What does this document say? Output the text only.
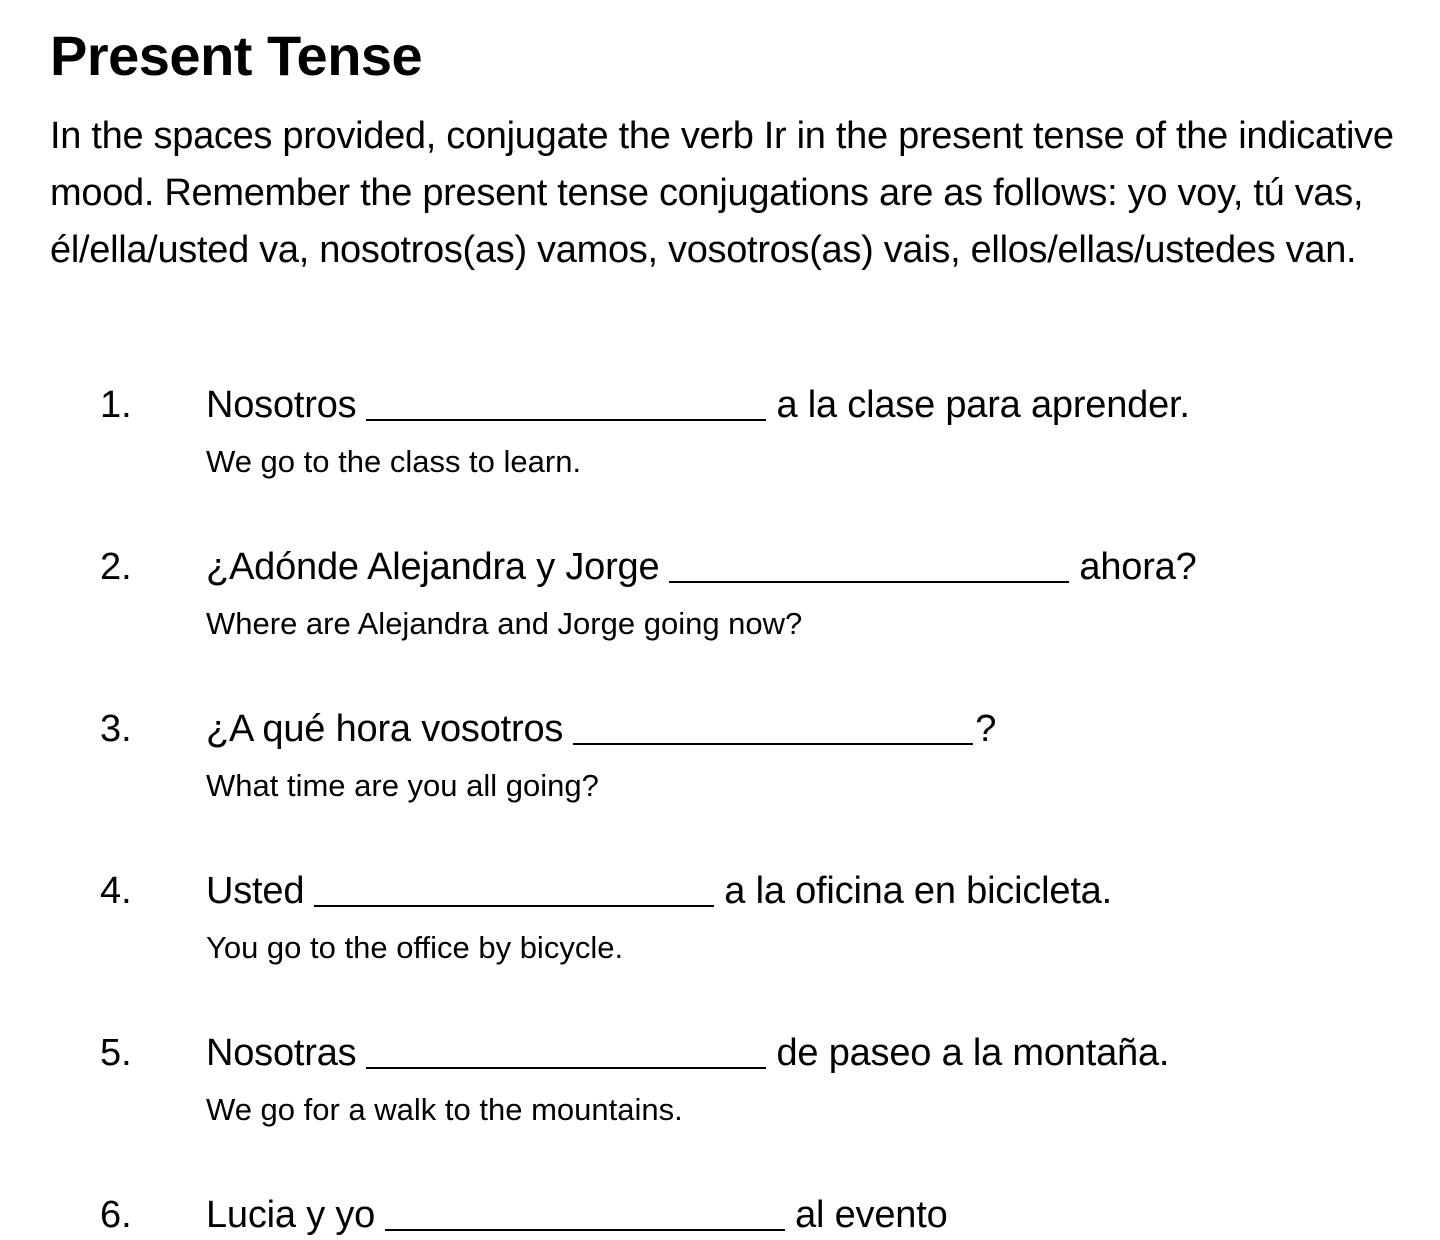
Present Tense

In the spaces provided, conjugate the verb Ir in the present tense of the indicative mood. Remember the present tense conjugations are as follows: yo voy, tú vas, él/ella/usted va, nosotros(as) vamos, vosotros(as) vais, ellos/ellas/ustedes van.

1.	Nosotros	a la clase para aprender.
We go to the class to learn.
2.	¿Adónde Alejandra y Jorge	ahora?
Where are Alejandra and Jorge going now?
3.	¿A qué hora vosotros	?
What time are you all going?
4.	Usted	a la oficina en bicicleta.
You go to the office by bicycle.
5.	Nosotras	de paseo a la montaña.
We go for a walk to the mountains.
6.	Lucia y yo	al evento
